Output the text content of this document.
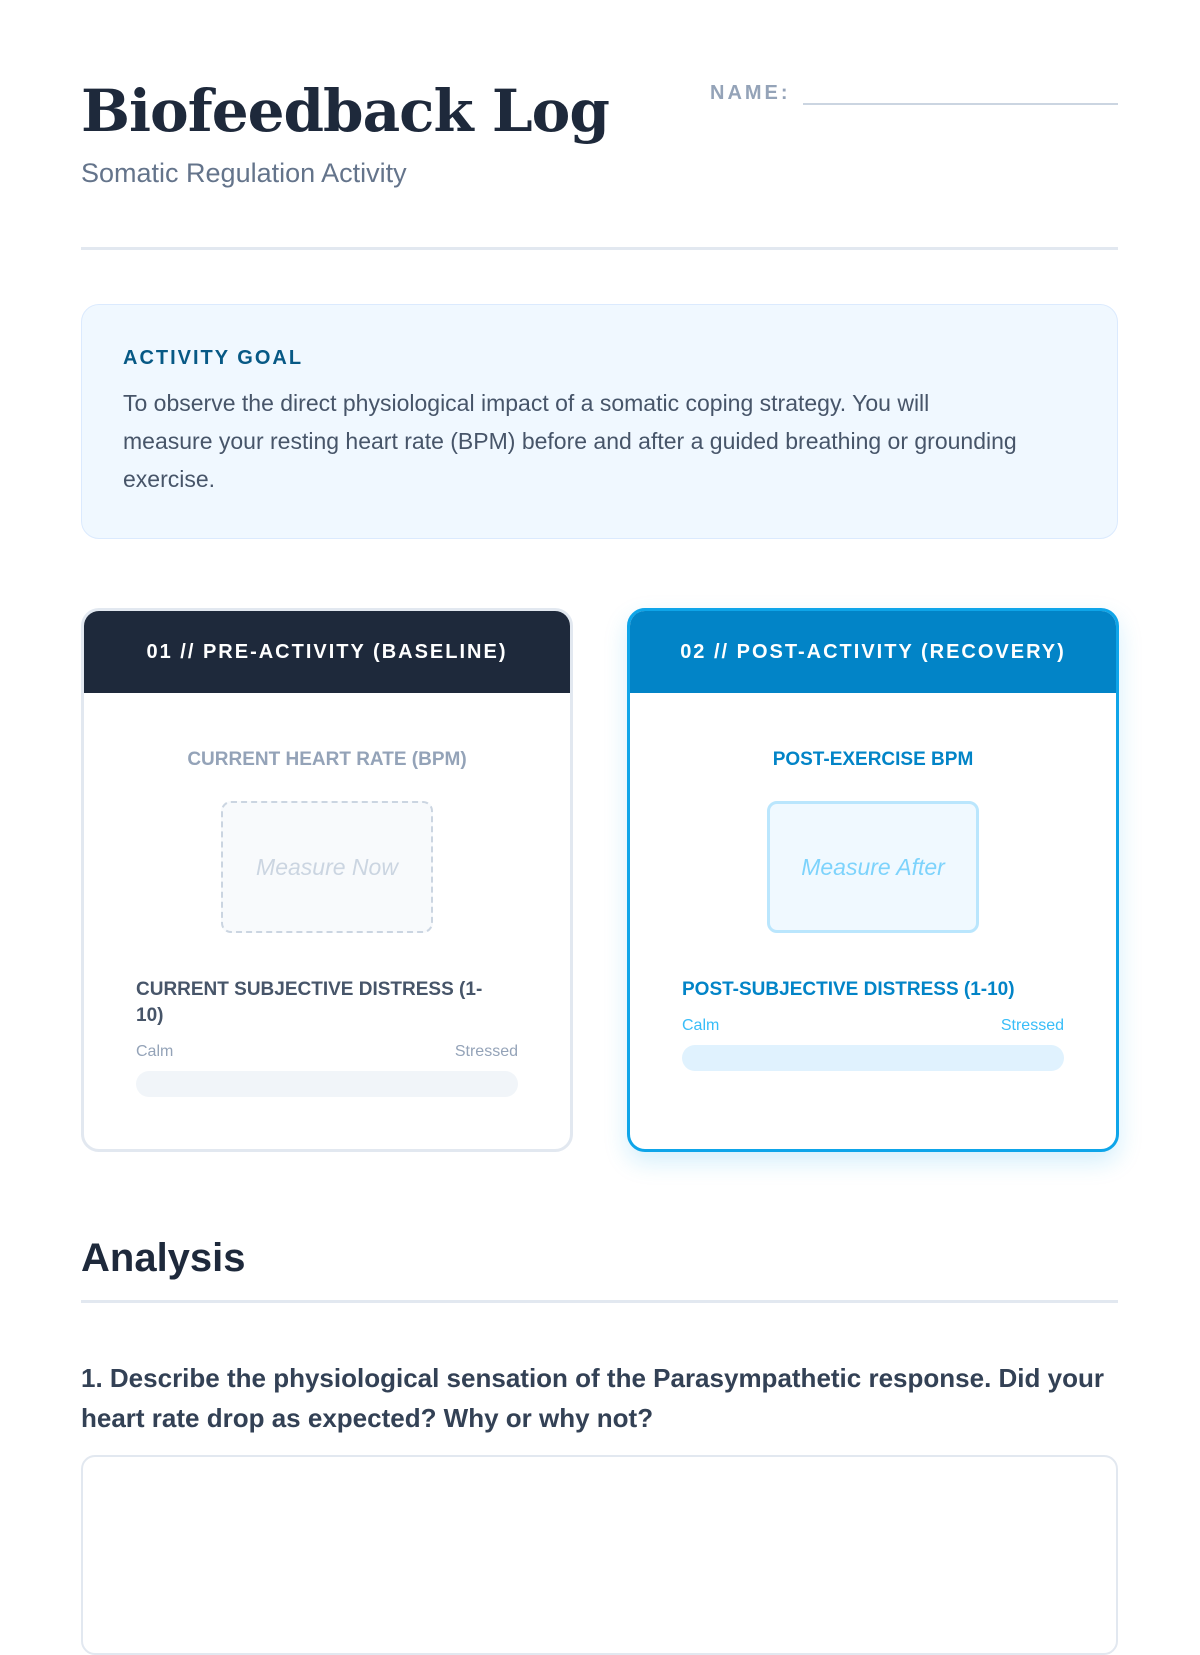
Biofeedback Log
Somatic Regulation Activity
NAME:
ACTIVITY GOAL

To observe the direct physiological impact of a somatic coping strategy. You will measure your resting heart rate (BPM) before and after a guided breathing or grounding exercise.

01 // PRE-ACTIVITY (BASELINE)
CURRENT HEART RATE (BPM)
Measure Now
CURRENT SUBJECTIVE DISTRESS (1-10)
Calm	Stressed
02 // POST-ACTIVITY (RECOVERY)
POST-EXERCISE BPM
Measure After
POST-SUBJECTIVE DISTRESS (1-10)
Calm	Stressed
Analysis

1. Describe the physiological sensation of the Parasympathetic response. Did your heart rate drop as expected? Why or why not?
